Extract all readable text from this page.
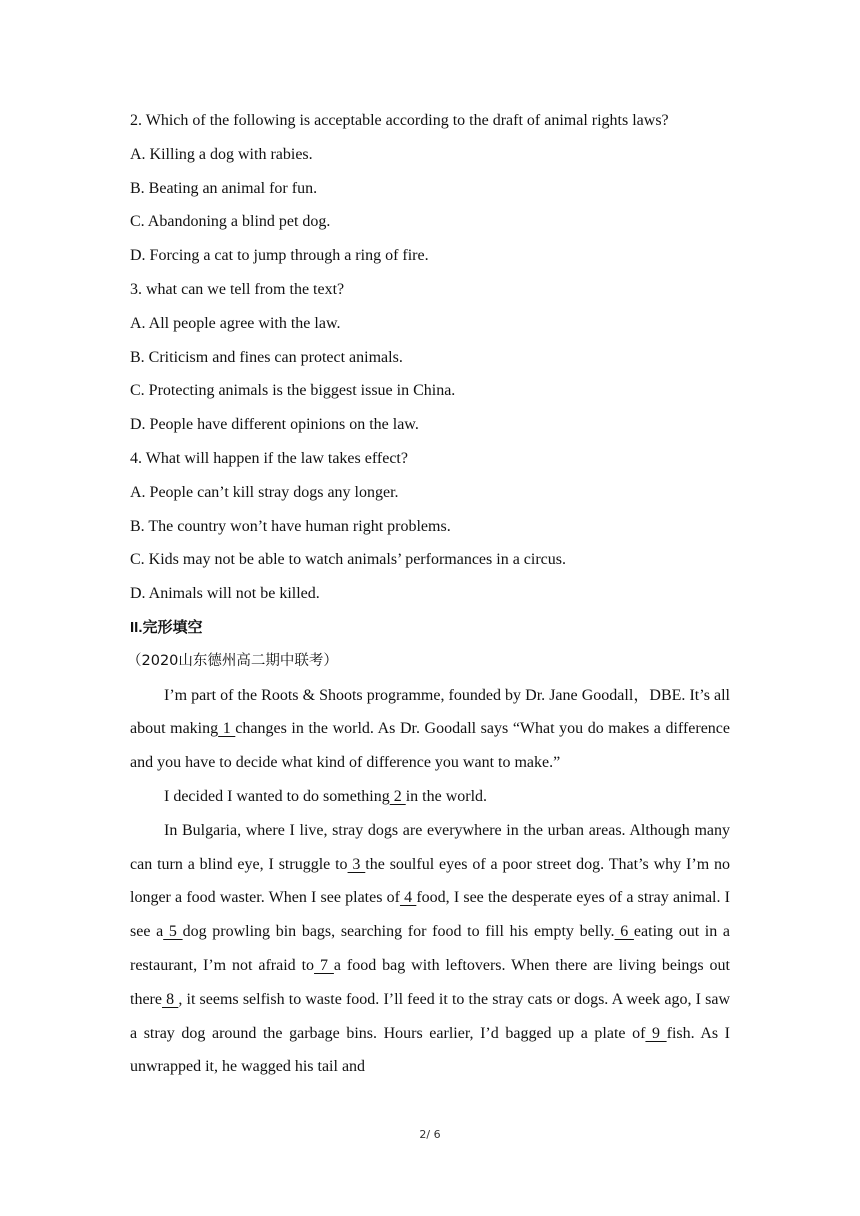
2. Which of the following is acceptable according to the draft of animal rights laws?
A. Killing a dog with rabies.
B. Beating an animal for fun.
C. Abandoning a blind pet dog.
D. Forcing a cat to jump through a ring of fire.
3. what can we tell from the text?
A. All people agree with the law.
B. Criticism and fines can protect animals.
C. Protecting animals is the biggest issue in China.
D. People have different opinions on the law.
4. What will happen if the law takes effect?
A. People can’t kill stray dogs any longer.
B. The country won’t have human right problems.
C. Kids may not be able to watch animals’ performances in a circus.
D. Animals will not be killed.
II.完形填空
（2020山东德州高二期中联考）

I’m part of the Roots & Shoots programme, founded by Dr. Jane Goodall，DBE. It’s all about making 1 changes in the world. As Dr. Goodall says “What you do makes a difference and you have to decide what kind of difference you want to make.”

I decided I wanted to do something 2 in the world.

In Bulgaria, where I live, stray dogs are everywhere in the urban areas. Although many can turn a blind eye, I struggle to 3 the soulful eyes of a poor street dog. That’s why I’m no longer a food waster. When I see plates of 4 food, I see the desperate eyes of a stray animal. I see a 5 dog prowling bin bags, searching for food to fill his empty belly. 6 eating out in a restaurant, I’m not afraid to 7 a food bag with leftovers. When there are living beings out there 8 , it seems selfish to waste food. I’ll feed it to the stray cats or dogs. A week ago, I saw a stray dog around the garbage bins. Hours earlier, I’d bagged up a plate of 9 fish. As I unwrapped it, he wagged his tail and

2/ 6
